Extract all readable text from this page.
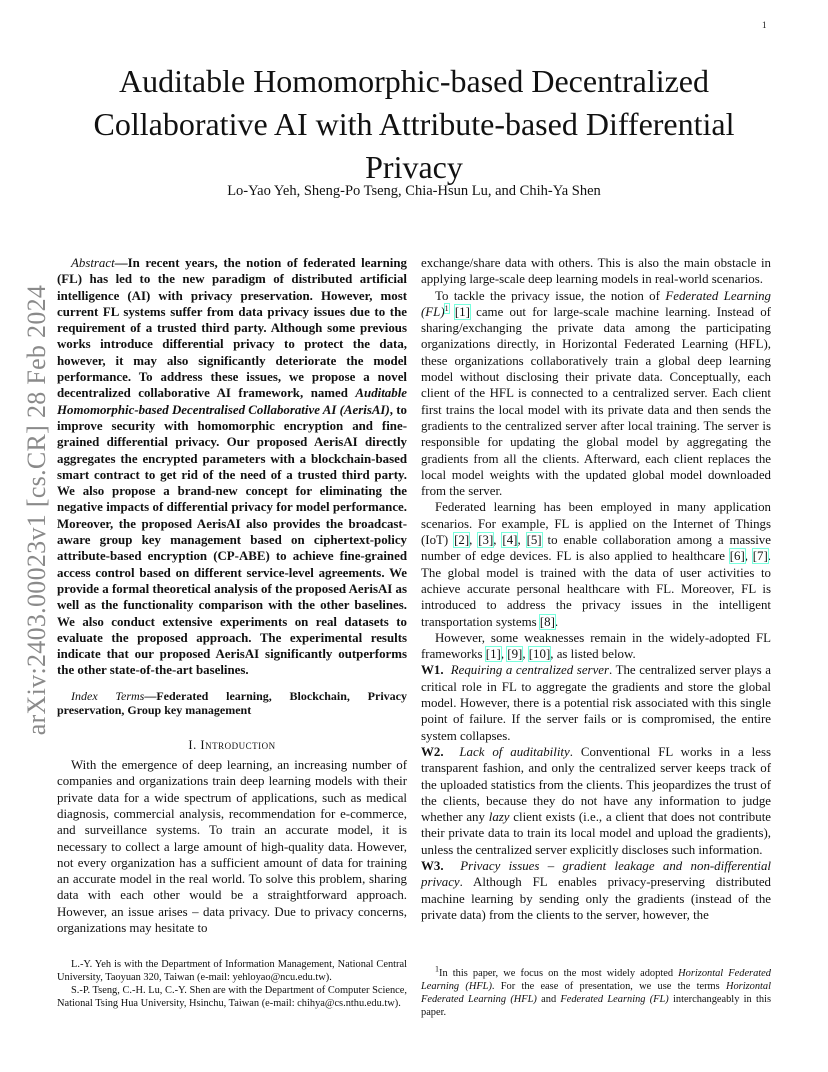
1
arXiv:2403.00023v1 [cs.CR] 28 Feb 2024
Auditable Homomorphic-based Decentralized Collaborative AI with Attribute-based Differential Privacy
Lo-Yao Yeh, Sheng-Po Tseng, Chia-Hsun Lu, and Chih-Ya Shen

Abstract—In recent years, the notion of federated learning (FL) has led to the new paradigm of distributed artificial intelligence (AI) with privacy preservation. However, most current FL systems suffer from data privacy issues due to the requirement of a trusted third party. Although some previous works introduce differential privacy to protect the data, however, it may also significantly deteriorate the model performance. To address these issues, we propose a novel decentralized collaborative AI framework, named Auditable Homomorphic-based Decentralised Collaborative AI (AerisAI), to improve security with homomorphic encryption and fine-grained differential privacy. Our proposed AerisAI directly aggregates the encrypted parameters with a blockchain-based smart contract to get rid of the need of a trusted third party. We also propose a brand-new concept for eliminating the negative impacts of differential privacy for model performance. Moreover, the proposed AerisAI also provides the broadcast-aware group key management based on ciphertext-policy attribute-based encryption (CP-ABE) to achieve fine-grained access control based on different service-level agreements. We provide a formal theoretical analysis of the proposed AerisAI as well as the functionality comparison with the other baselines. We also conduct extensive experiments on real datasets to evaluate the proposed approach. The experimental results indicate that our proposed AerisAI significantly outperforms the other state-of-the-art baselines.

Index Terms—Federated learning, Blockchain, Privacy preservation, Group key management

I. Introduction

With the emergence of deep learning, an increasing number of companies and organizations train deep learning models with their private data for a wide spectrum of applications, such as medical diagnosis, commercial analysis, recommendation for e-commerce, and surveillance systems. To train an accurate model, it is necessary to collect a large amount of high-quality data. However, not every organization has a sufficient amount of data for training an accurate model in the real world. To solve this problem, sharing data with each other would be a straightforward approach. However, an issue arises – data privacy. Due to privacy concerns, organizations may hesitate to

L.-Y. Yeh is with the Department of Information Management, National Central University, Taoyuan 320, Taiwan (e-mail: yehloyao@ncu.edu.tw).

S.-P. Tseng, C.-H. Lu, C.-Y. Shen are with the Department of Computer Science, National Tsing Hua University, Hsinchu, Taiwan (e-mail: chihya@cs.nthu.edu.tw).

exchange/share data with others. This is also the main obstacle in applying large-scale deep learning models in real-world scenarios.

To tackle the privacy issue, the notion of Federated Learning (FL)$^1$ [1] came out for large-scale machine learning. Instead of sharing/exchanging the private data among the participating organizations directly, in Horizontal Federated Learning (HFL), these organizations collaboratively train a global deep learning model without disclosing their private data. Conceptually, each client of the HFL is connected to a centralized server. Each client first trains the local model with its private data and then sends the gradients to the centralized server after local training. The server is responsible for updating the global model by aggregating the gradients from all the clients. Afterward, each client replaces the local model weights with the updated global model downloaded from the server.

Federated learning has been employed in many application scenarios. For example, FL is applied on the Internet of Things (IoT) [2], [3], [4], [5] to enable collaboration among a massive number of edge devices. FL is also applied to healthcare [6], [7]. The global model is trained with the data of user activities to achieve accurate personal healthcare with FL. Moreover, FL is introduced to address the privacy issues in the intelligent transportation systems [8].

However, some weaknesses remain in the widely-adopted FL frameworks [1], [9], [10], as listed below.

W1. Requiring a centralized server. The centralized server plays a critical role in FL to aggregate the gradients and store the global model. However, there is a potential risk associated with this single point of failure. If the server fails or is compromised, the entire system collapses.

W2. Lack of auditability. Conventional FL works in a less transparent fashion, and only the centralized server keeps track of the uploaded statistics from the clients. This jeopardizes the trust of the clients, because they do not have any information to judge whether any lazy client exists (i.e., a client that does not contribute their private data to train its local model and upload the gradients), unless the centralized server explicitly discloses such information.

W3. Privacy issues – gradient leakage and non-differential privacy. Although FL enables privacy-preserving distributed machine learning by sending only the gradients (instead of the private data) from the clients to the server, however, the

$^1$In this paper, we focus on the most widely adopted Horizontal Federated Learning (HFL). For the ease of presentation, we use the terms Horizontal Federated Learning (HFL) and Federated Learning (FL) interchangeably in this paper.
